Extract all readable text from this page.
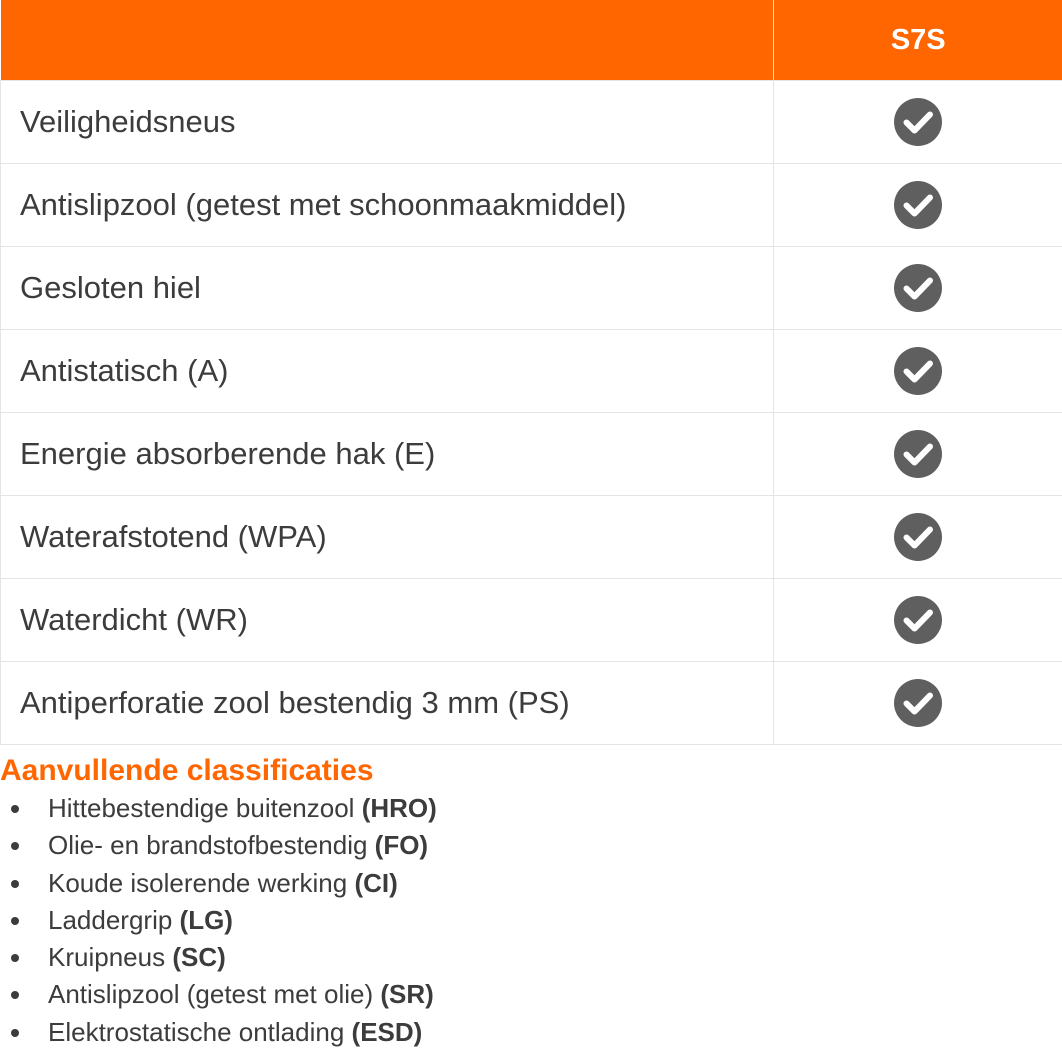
	S7S
Veiligheidsneus	
Antislipzool (getest met schoonmaakmiddel)	
Gesloten hiel	
Antistatisch (A)	
Energie absorberende hak (E)	
Waterafstotend (WPA)	
Waterdicht (WR)	
Antiperforatie zool bestendig 3 mm (PS)	
Aanvullende classificaties
Hittebestendige buitenzool (HRO)
Olie- en brandstofbestendig (FO)
Koude isolerende werking (CI)
Laddergrip (LG)
Kruipneus (SC)
Antislipzool (getest met olie) (SR)
Elektrostatische ontlading (ESD)
